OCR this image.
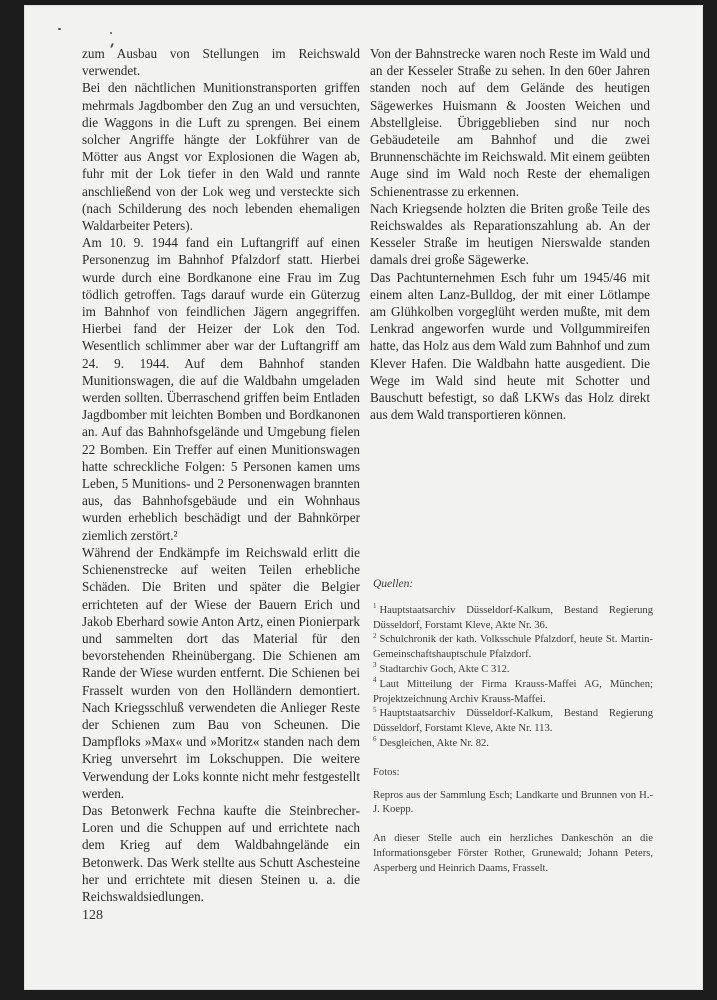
zum Ausbau von Stellungen im Reichswald verwendet.

Bei den nächtlichen Munitionstransporten griffen mehrmals Jagdbomber den Zug an und versuchten, die Waggons in die Luft zu sprengen. Bei einem solcher Angriffe hängte der Lokführer van de Mötter aus Angst vor Explosionen die Wagen ab, fuhr mit der Lok tiefer in den Wald und rannte anschließend von der Lok weg und versteckte sich (nach Schilderung des noch lebenden ehemaligen Waldarbeiter Peters).

Am 10. 9. 1944 fand ein Luftangriff auf einen Personenzug im Bahnhof Pfalzdorf statt. Hierbei wurde durch eine Bordkanone eine Frau im Zug tödlich getroffen. Tags darauf wurde ein Güterzug im Bahnhof von feindlichen Jägern angegriffen. Hierbei fand der Heizer der Lok den Tod. Wesentlich schlimmer aber war der Luftangriff am 24. 9. 1944. Auf dem Bahnhof standen Munitionswagen, die auf die Waldbahn umgeladen werden sollten. Überraschend griffen beim Entladen Jagdbomber mit leichten Bomben und Bordkanonen an. Auf das Bahnhofsgelände und Umgebung fielen 22 Bomben. Ein Treffer auf einen Munitionswagen hatte schreckliche Folgen: 5 Personen kamen ums Leben, 5 Munitions- und 2 Personenwagen brannten aus, das Bahnhofsgebäude und ein Wohnhaus wurden erheblich beschädigt und der Bahnkörper ziemlich zerstört.²

Während der Endkämpfe im Reichswald erlitt die Schienenstrecke auf weiten Teilen erhebliche Schäden. Die Briten und später die Belgier errichteten auf der Wiese der Bauern Erich und Jakob Eberhard sowie Anton Artz, einen Pionierpark und sammelten dort das Material für den bevorstehenden Rheinübergang. Die Schienen am Rande der Wiese wurden entfernt. Die Schienen bei Frasselt wurden von den Holländern demontiert. Nach Kriegsschluß verwendeten die Anlieger Reste der Schienen zum Bau von Scheunen. Die Dampfloks »Max« und »Moritz« standen nach dem Krieg unversehrt im Lokschuppen. Die weitere Verwendung der Loks konnte nicht mehr festgestellt werden.

Das Betonwerk Fechna kaufte die Steinbrecher-Loren und die Schuppen auf und errichtete nach dem Krieg auf dem Waldbahngelände ein Betonwerk. Das Werk stellte aus Schutt Aschesteine her und errichtete mit diesen Steinen u. a. die Reichswaldsiedlungen.

Von der Bahnstrecke waren noch Reste im Wald und an der Kesseler Straße zu sehen. In den 60er Jahren standen noch auf dem Gelände des heutigen Sägewerkes Huismann & Joosten Weichen und Abstellgleise. Übriggeblieben sind nur noch Gebäudeteile am Bahnhof und die zwei Brunnenschächte im Reichswald. Mit einem geübten Auge sind im Wald noch Reste der ehemaligen Schienentrasse zu erkennen.

Nach Kriegsende holzten die Briten große Teile des Reichswaldes als Reparationszahlung ab. An der Kesseler Straße im heutigen Nierswalde standen damals drei große Sägewerke.

Das Pachtunternehmen Esch fuhr um 1945/46 mit einem alten Lanz-Bulldog, der mit einer Lötlampe am Glühkolben vorgeglüht werden mußte, mit dem Lenkrad angeworfen wurde und Vollgummireifen hatte, das Holz aus dem Wald zum Bahnhof und zum Klever Hafen. Die Waldbahn hatte ausgedient. Die Wege im Wald sind heute mit Schotter und Bauschutt befestigt, so daß LKWs das Holz direkt aus dem Wald transportieren können.

Quellen:

$^1$ Hauptstaatsarchiv Düsseldorf-Kalkum, Bestand Regierung Düsseldorf, Forstamt Kleve, Akte Nr. 36.

$^2$ Schulchronik der kath. Volksschule Pfalzdorf, heute St. Martin-Gemeinschaftshauptschule Pfalzdorf.

$^3$ Stadtarchiv Goch, Akte C 312.

$^4$ Laut Mitteilung der Firma Krauss-Maffei AG, München; Projektzeichnung Archiv Krauss-Maffei.

$^5$ Hauptstaatsarchiv Düsseldorf-Kalkum, Bestand Regierung Düsseldorf, Forstamt Kleve, Akte Nr. 113.

$^6$ Desgleichen, Akte Nr. 82.

Fotos:

Repros aus der Sammlung Esch; Landkarte und Brunnen von H.-J. Koepp.

An dieser Stelle auch ein herzliches Dankeschön an die Informationsgeber Förster Rother, Grunewald; Johann Peters, Asperberg und Heinrich Daams, Frasselt.

128
